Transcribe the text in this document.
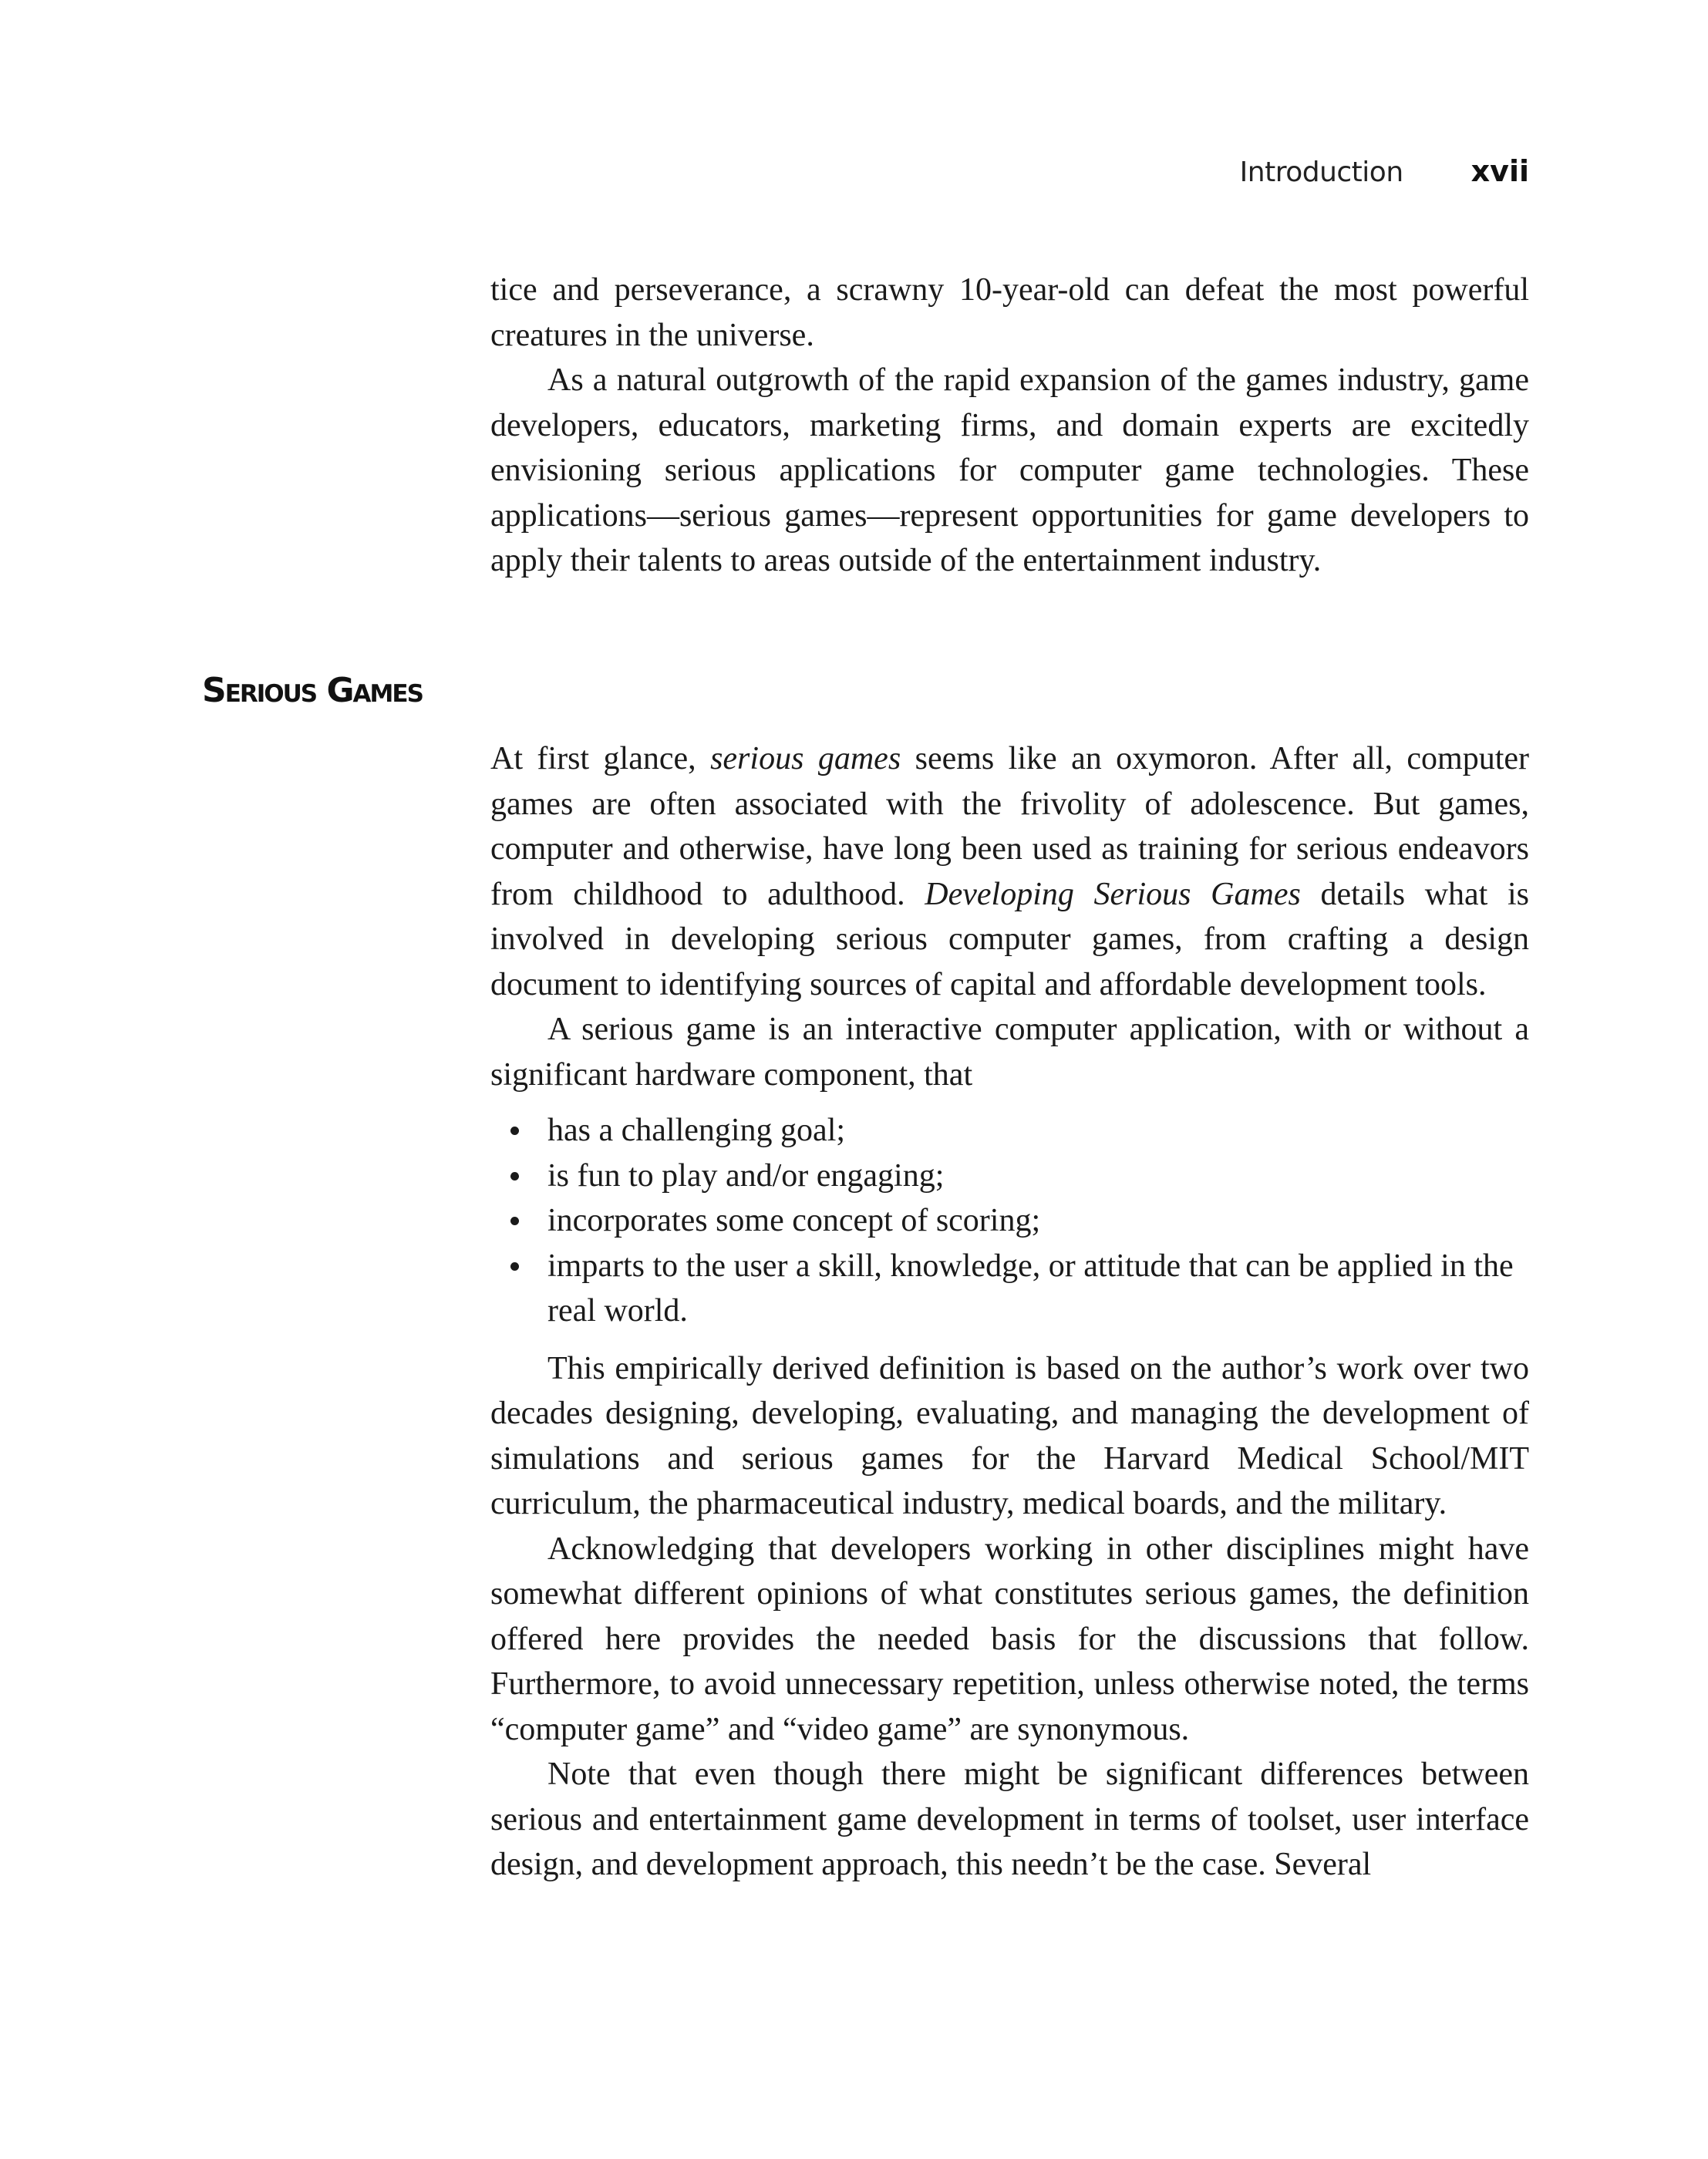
Introduction xvii

tice and perseverance, a scrawny 10-year-old can defeat the most powerful creatures in the universe.

As a natural outgrowth of the rapid expansion of the games industry, game developers, educators, marketing firms, and domain experts are excitedly envisioning serious applications for computer game technologies. These applications—serious games—represent opportunities for game developers to apply their talents to areas outside of the entertainment industry.

Serious Games

At first glance, serious games seems like an oxymoron. After all, computer games are often associated with the frivolity of adolescence. But games, computer and otherwise, have long been used as training for serious endeavors from childhood to adulthood. Developing Serious Games details what is involved in developing serious computer games, from crafting a design document to identifying sources of capital and affordable development tools.

A serious game is an interactive computer application, with or without a significant hardware component, that

has a challenging goal;
is fun to play and/or engaging;
incorporates some concept of scoring;
imparts to the user a skill, knowledge, or attitude that can be applied in the real world.

This empirically derived definition is based on the author’s work over two decades designing, developing, evaluating, and managing the development of simulations and serious games for the Harvard Medical School/MIT curriculum, the pharmaceutical industry, medical boards, and the military.

Acknowledging that developers working in other disciplines might have somewhat different opinions of what constitutes serious games, the definition offered here provides the needed basis for the discussions that follow. Furthermore, to avoid unnecessary repetition, unless otherwise noted, the terms “computer game” and “video game” are synonymous.

Note that even though there might be significant differences between serious and entertainment game development in terms of toolset, user interface design, and development approach, this needn’t be the case. Several
